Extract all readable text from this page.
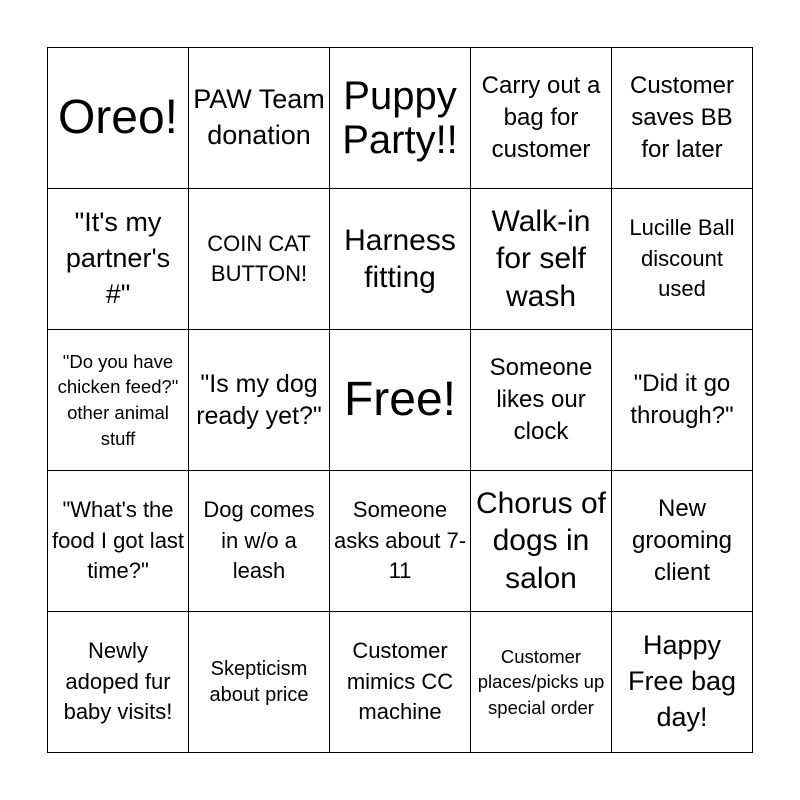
Oreo! PAW Team donation
Puppy Party!!
Carry out a bag for customer
Customer saves BB for later
"It's my partner's #"
COIN CAT BUTTON!
Harness fitting
Walk-in for self wash
Lucille Ball discount used
"Do you have chicken feed?" other animal stuff
"Is my dog ready yet?" Free!
Someone likes our clock
"Did it go through?"
"What's the food I got last time?"
Dog comes in w/o a leash
Someone asks about 7-11
Chorus of dogs in salon
New grooming client
Newly adoped fur baby visits!
Skepticism about price
Customer mimics CC machine
Customer places/picks up special order
Happy Free bag day!
